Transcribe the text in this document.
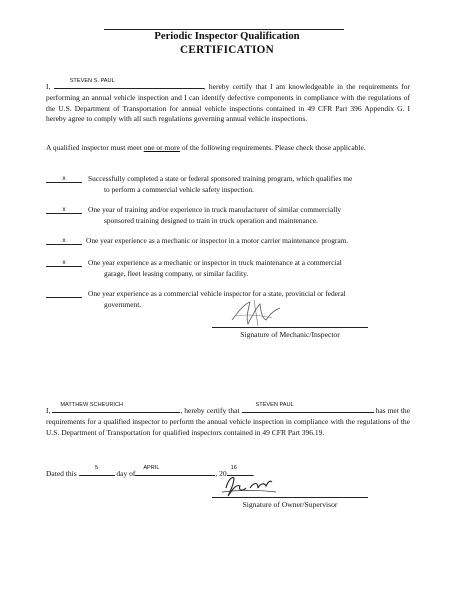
Periodic Inspector Qualification
CERTIFICATION
I,
STEVEN S. PAUL
, hereby certify that I am knowledgeable in the requirements for performing an annual vehicle inspection and I can identify defective components in compliance with the regulations of the U.S. Department of Transportation for annual vehicle inspections contained in 49 CFR Part 396 Appendix G. I hereby agree to comply with all such regulations governing annual vehicle inspections.
A qualified inspector must meet one or more of the following requirements. Please check those applicable.
x	Successfully completed a state or federal sponsored training program, which qualifies me
to perform a commercial vehicle safety inspection.
x	One year of training and/or experience in truck manufacturer of similar commercially
sponsored training designed to train in truck operation and maintenance.
x	One year experience as a mechanic or inspector in a motor carrier maintenance program.
x	One year experience as a mechanic or inspector in truck maintenance at a commercial
garage, fleet leasing company, or similar facility.
One year experience as a commercial vehicle inspector for a state, provincial or federal
government.
Signature of Mechanic/Inspector
I,
MATTHEW SCHEURICH
, hereby certify that
STEVEN PAUL
has met the requirements for a qualified inspector to perform the annual vehicle inspection in compliance with the regulations of the U.S. Department of Transportation for qualified inspectors contained in 49 CFR Part 396.19.
Dated this
5
day of
APRIL
, 20
16
.
Signature of Owner/Supervisor
